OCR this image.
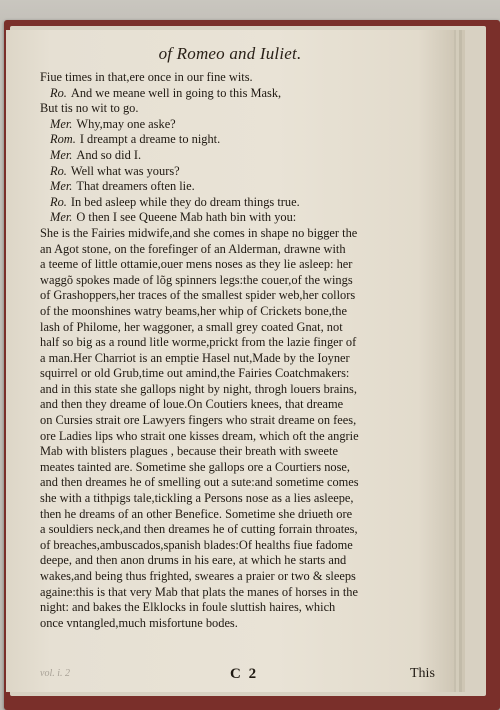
of Romeo and Iuliet.
Fiue times in that,ere once in our fine wits.
Ro. And we meane well in going to this Mask,
But tis no wit to go.
Mer. Why,may one aske?
Rom. I dreampt a dreame to night.
Mer. And so did I.
Ro. Well what was yours?
Mer. That dreamers often lie.
Ro. In bed asleep while they do dream things true.
Mer. O then I see Queene Mab hath bin with you:
She is the Fairies midwife,and she comes in shape no bigger the
an Agot stone, on the forefinger of an Alderman, drawne with
a teeme of little ottamie,ouer mens noses as they lie asleep: her
waggõ spokes made of lõg spinners legs:the couer,of the wings
of Grashoppers,her traces of the smallest spider web,her collors
of the moonshines watry beams,her whip of Crickets bone,the
lash of Philome, her waggoner, a small grey coated Gnat, not
half so big as a round litle worme,prickt from the lazie finger of
a man.Her Charriot is an emptie Hasel nut,Made by the Ioyner
squirrel or old Grub,time out amind,the Fairies Coatchmakers:
and in this state she gallops night by night, throgh louers brains,
and then they dreame of loue.On Coutiers knees, that dreame
on Cursies strait ore Lawyers fingers who strait dreame on fees,
ore Ladies lips who strait one kisses dream, which oft the angrie
Mab with blisters plagues , because their breath with sweete
meates tainted are. Sometime she gallops ore a Courtiers nose,
and then dreames he of smelling out a sute:and sometime comes
she with a tithpigs tale,tickling a Persons nose as a lies asleepe,
then he dreams of an other Benefice. Sometime she driueth ore
a souldiers neck,and then dreames he of cutting forrain throates,
of breaches,ambuscados,spanish blades:Of healths fiue fadome
deepe, and then anon drums in his eare, at which he starts and
wakes,and being thus frighted, sweares a praier or two & sleeps
againe:this is that very Mab that plats the manes of horses in the
night: and bakes the Elklocks in foule sluttish haires, which
once vntangled,much misfortune bodes.
vol. i. 2	C 2	This
